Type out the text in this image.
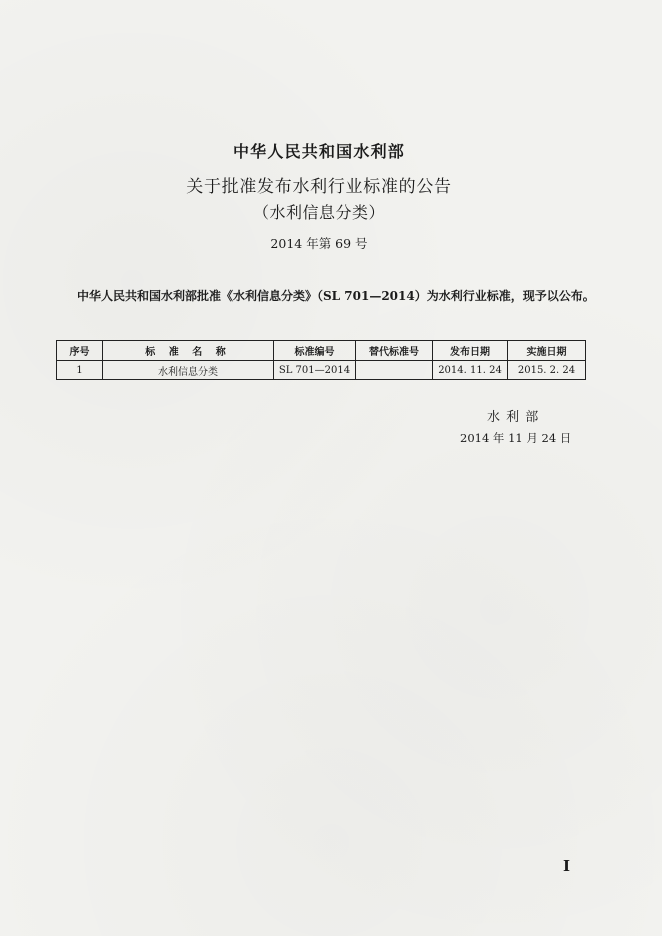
中华人民共和国水利部
关于批准发布水利行业标准的公告
（水利信息分类）
2014 年第 69 号
中华人民共和国水利部批准《水利信息分类》（SL 701—2014）为水利行业标准，现予以公布。
序号	标 准 名 称	标准编号	替代标准号	发布日期	实施日期
1	水利信息分类	SL 701—2014		2014. 11. 24	2015. 2. 24
水 利 部
2014 年 11 月 24 日
I
